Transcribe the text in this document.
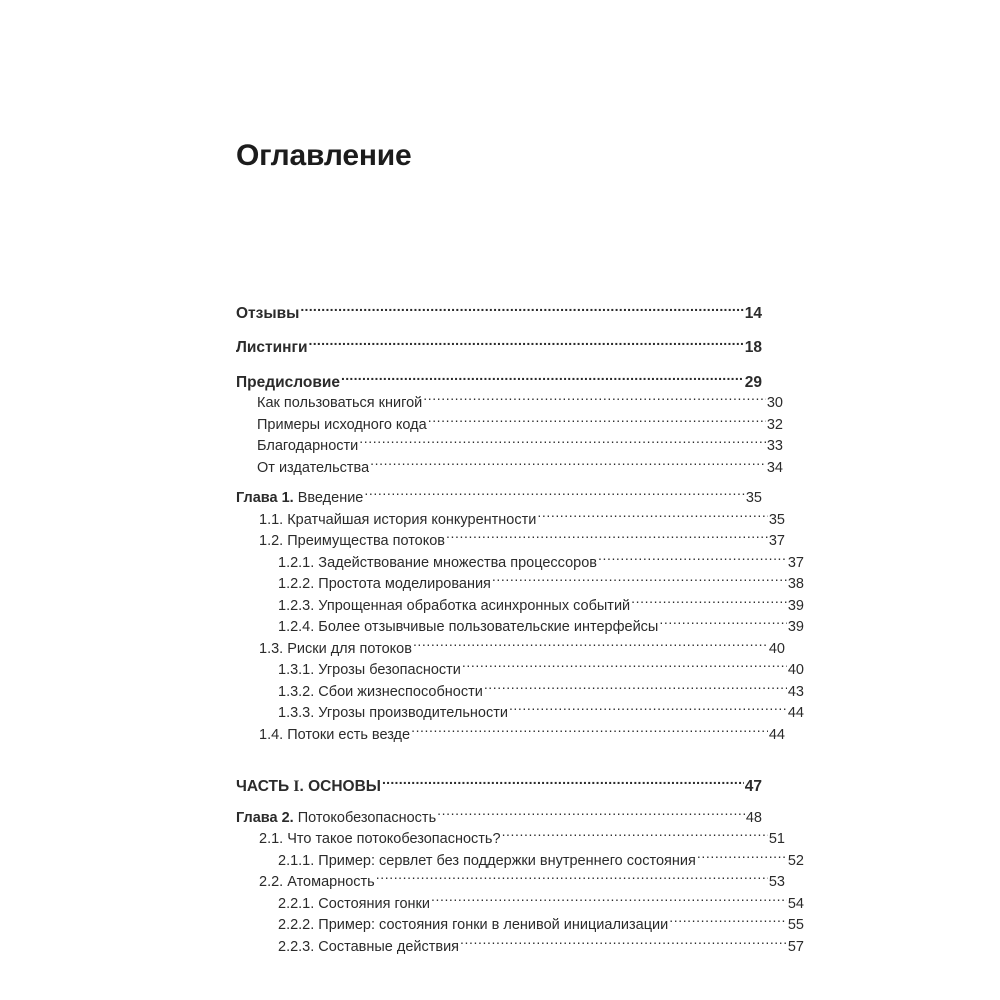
Оглавление
Отзывы .....	14
Листинги .....	18
Предисловие .....	29
Как пользоваться книгой .....	30
Примеры исходного кода .....	32
Благодарности .....	33
От издательства .....	34
Глава 1. Введение .....	35
1.1. Кратчайшая история конкурентности .....	35
1.2. Преимущества потоков .....	37
1.2.1. Задействование множества процессоров .....	37
1.2.2. Простота моделирования .....	38
1.2.3. Упрощенная обработка асинхронных событий .....	39
1.2.4. Более отзывчивые пользовательские интерфейсы .....	39
1.3. Риски для потоков .....	40
1.3.1. Угрозы безопасности .....	40
1.3.2. Сбои жизнеспособности .....	43
1.3.3. Угрозы производительности .....	44
1.4. Потоки есть везде .....	44
ЧАСТЬ I. ОСНОВЫ .....	47
Глава 2. Потокобезопасность .....	48
2.1. Что такое потокобезопасность? .....	51
2.1.1. Пример: сервлет без поддержки внутреннего состояния .....	52
2.2. Атомарность .....	53
2.2.1. Состояния гонки .....	54
2.2.2. Пример: состояния гонки в ленивой инициализации .....	55
2.2.3. Составные действия .....	57
